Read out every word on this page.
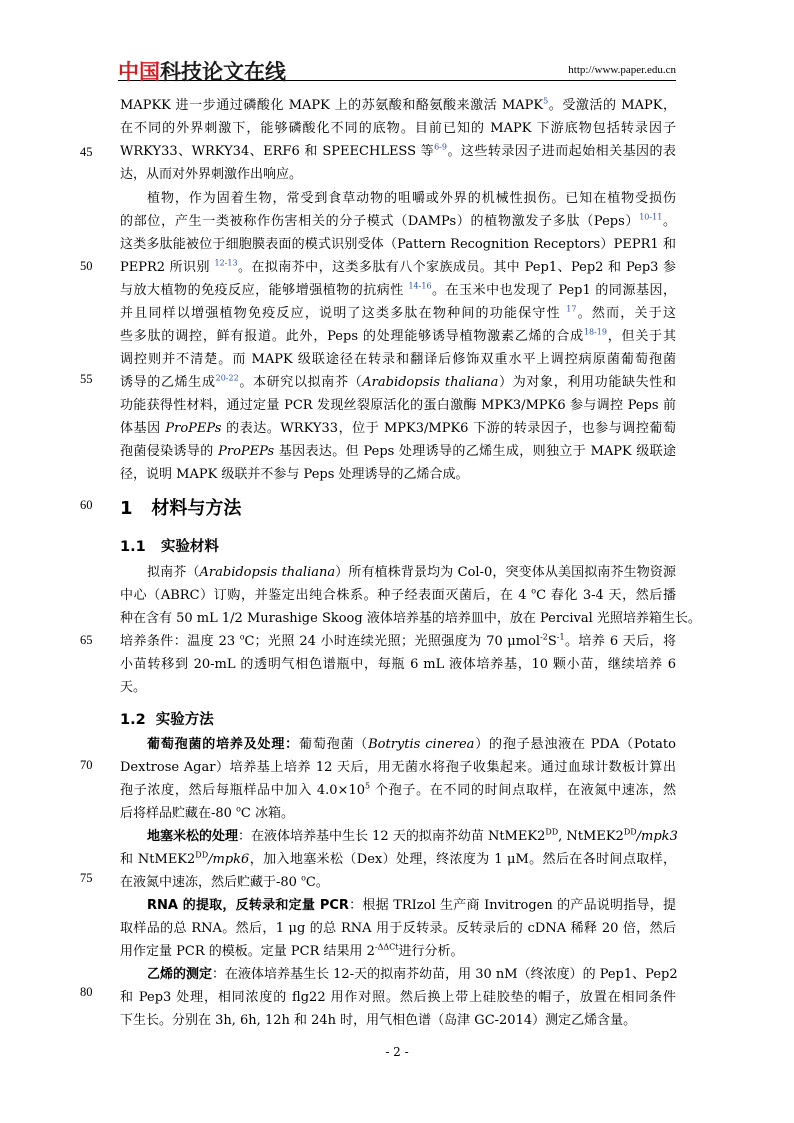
中国科技论文在线	http://www.paper.edu.cn
45
50
55
60
65
70
75
80
MAPKK 进一步通过磷酸化 MAPK 上的苏氨酸和酪氨酸来激活 MAPK$^5$。受激活的 MAPK，
在不同的外界刺激下，能够磷酸化不同的底物。目前已知的 MAPK 下游底物包括转录因子
WRKY33、WRKY34、ERF6 和 SPEECHLESS 等$^{6-9}$。这些转录因子进而起始相关基因的表
达，从而对外界刺激作出响应。
植物，作为固着生物，常受到食草动物的咀嚼或外界的机械性损伤。已知在植物受损伤
的部位，产生一类被称作伤害相关的分子模式（DAMPs）的植物激发子多肽（Peps）$^{10-11}$。
这类多肽能被位于细胞膜表面的模式识别受体（Pattern Recognition Receptors）PEPR1 和
PEPR2 所识别 $^{12-13}$。在拟南芥中，这类多肽有八个家族成员。其中 Pep1、Pep2 和 Pep3 参
与放大植物的免疫反应，能够增强植物的抗病性 $^{14-16}$。在玉米中也发现了 Pep1 的同源基因，
并且同样以增强植物免疫反应，说明了这类多肽在物种间的功能保守性 $^{17}$。然而，关于这
些多肽的调控，鲜有报道。此外，Peps 的处理能够诱导植物激素乙烯的合成$^{18-19}$，但关于其
调控则并不清楚。而 MAPK 级联途径在转录和翻译后修饰双重水平上调控病原菌葡萄孢菌
诱导的乙烯生成$^{20-22}$。本研究以拟南芥（Arabidopsis thaliana）为对象，利用功能缺失性和
功能获得性材料，通过定量 PCR 发现丝裂原活化的蛋白激酶 MPK3/MPK6 参与调控 Peps 前
体基因 ProPEPs 的表达。WRKY33，位于 MPK3/MPK6 下游的转录因子，也参与调控葡萄
孢菌侵染诱导的 ProPEPs 基因表达。但 Peps 处理诱导的乙烯生成，则独立于 MAPK 级联途
径，说明 MAPK 级联并不参与 Peps 处理诱导的乙烯合成。
1 材料与方法
1.1 实验材料
拟南芥（Arabidopsis thaliana）所有植株背景均为 Col-0，突变体从美国拟南芥生物资源
中心（ABRC）订购，并鉴定出纯合株系。种子经表面灭菌后，在 4 $^o$C 春化 3-4 天，然后播
种在含有 50 mL 1/2 Murashige Skoog 液体培养基的培养皿中，放在 Percival 光照培养箱生长。
培养条件：温度 23 $^o$C；光照 24 小时连续光照；光照强度为 70 $\mu mol^{-2}S^{-1}$。培养 6 天后，将
小苗转移到 20-mL 的透明气相色谱瓶中，每瓶 6 mL 液体培养基，10 颗小苗，继续培养 6
天。
1.2 实验方法
葡萄孢菌的培养及处理：葡萄孢菌（Botrytis cinerea）的孢子悬浊液在 PDA（Potato
Dextrose Agar）培养基上培养 12 天后，用无菌水将孢子收集起来。通过血球计数板计算出
孢子浓度，然后每瓶样品中加入 $4.0\times 10^5$ 个孢子。在不同的时间点取样，在液氮中速冻，然
后将样品贮藏在-80 $^o$C 冰箱。
地塞米松的处理：在液体培养基中生长 12 天的拟南芥幼苗 $NtMEK2^{DD}$, $NtMEK2^{DD}/mpk3$
和 $NtMEK2^{DD}/mpk6$，加入地塞米松（Dex）处理，终浓度为 1 μM。然后在各时间点取样，
在液氮中速冻，然后贮藏于-80 $^o$C。
RNA 的提取，反转录和定量 PCR：根据 TRIzol 生产商 Invitrogen 的产品说明指导，提
取样品的总 RNA。然后，1 μg 的总 RNA 用于反转录。反转录后的 cDNA 稀释 20 倍，然后
用作定量 PCR 的模板。定量 PCR 结果用 $2^{-\Delta\Delta Ct}$进行分析。
乙烯的测定：在液体培养基生长 12-天的拟南芥幼苗，用 30 nM（终浓度）的 Pep1、Pep2
和 Pep3 处理，相同浓度的 flg22 用作对照。然后换上带上硅胶垫的帽子，放置在相同条件
下生长。分别在 3h, 6h, 12h 和 24h 时，用气相色谱（岛津 GC-2014）测定乙烯含量。
- 2 -
